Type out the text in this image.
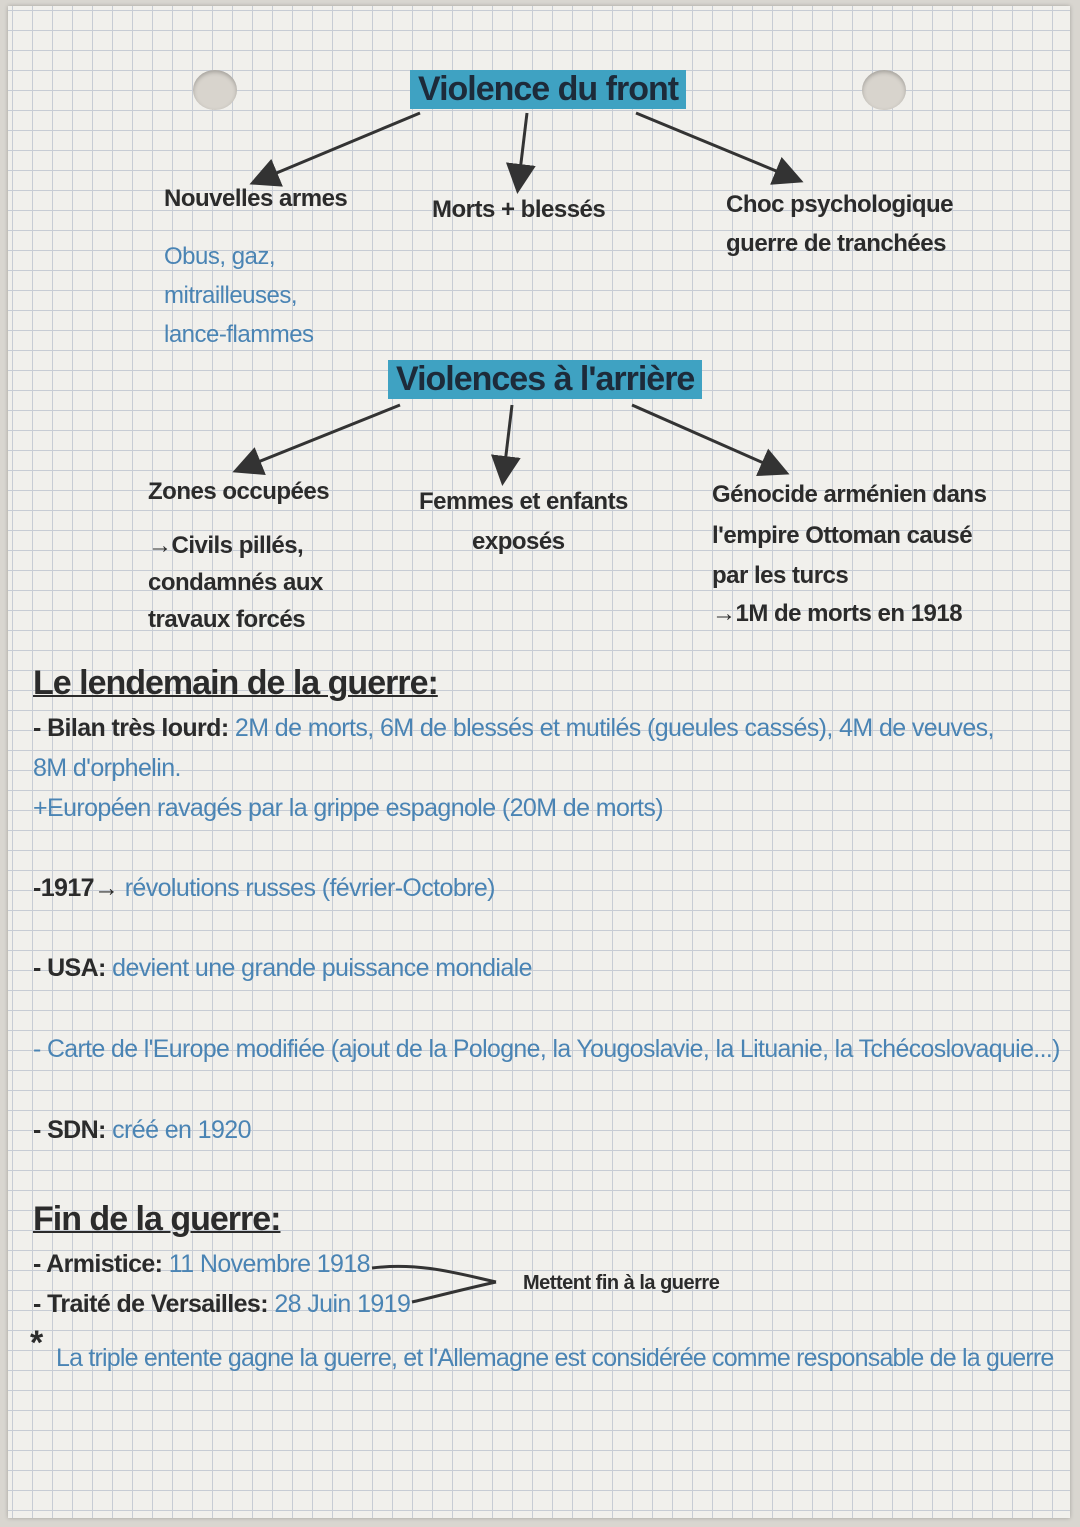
Violence du front

Nouvelles armes

Obus, gaz,

mitrailleuses,

lance-flammes

Morts + blessés	Choc psychologique

guerre de tranchées

Violences à l'arrière

Zones occupées

→Civils pillés,

condamnés aux

travaux forcés

Femmes et enfants

exposés

Génocide arménien dans

l'empire Ottoman causé

par les turcs

→1M de morts en 1918

Le lendemain de la guerre:

- Bilan très lourd: 2M de morts, 6M de blessés et mutilés (gueules cassés), 4M de veuves,

8M d'orphelin.

+Européen ravagés par la grippe espagnole (20M de morts)

-1917→ révolutions russes (février-Octobre)

- USA: devient une grande puissance mondiale

- Carte de l'Europe modifiée (ajout de la Pologne, la Yougoslavie, la Lituanie, la Tchécoslovaquie...)

- SDN: créé en 1920

Fin de la guerre:

- Armistice: 11 Novembre 1918

- Traité de Versailles: 28 Juin 1919

Mettent fin à la guerre

* La triple entente gagne la guerre, et l'Allemagne est considérée comme responsable de la guerre
